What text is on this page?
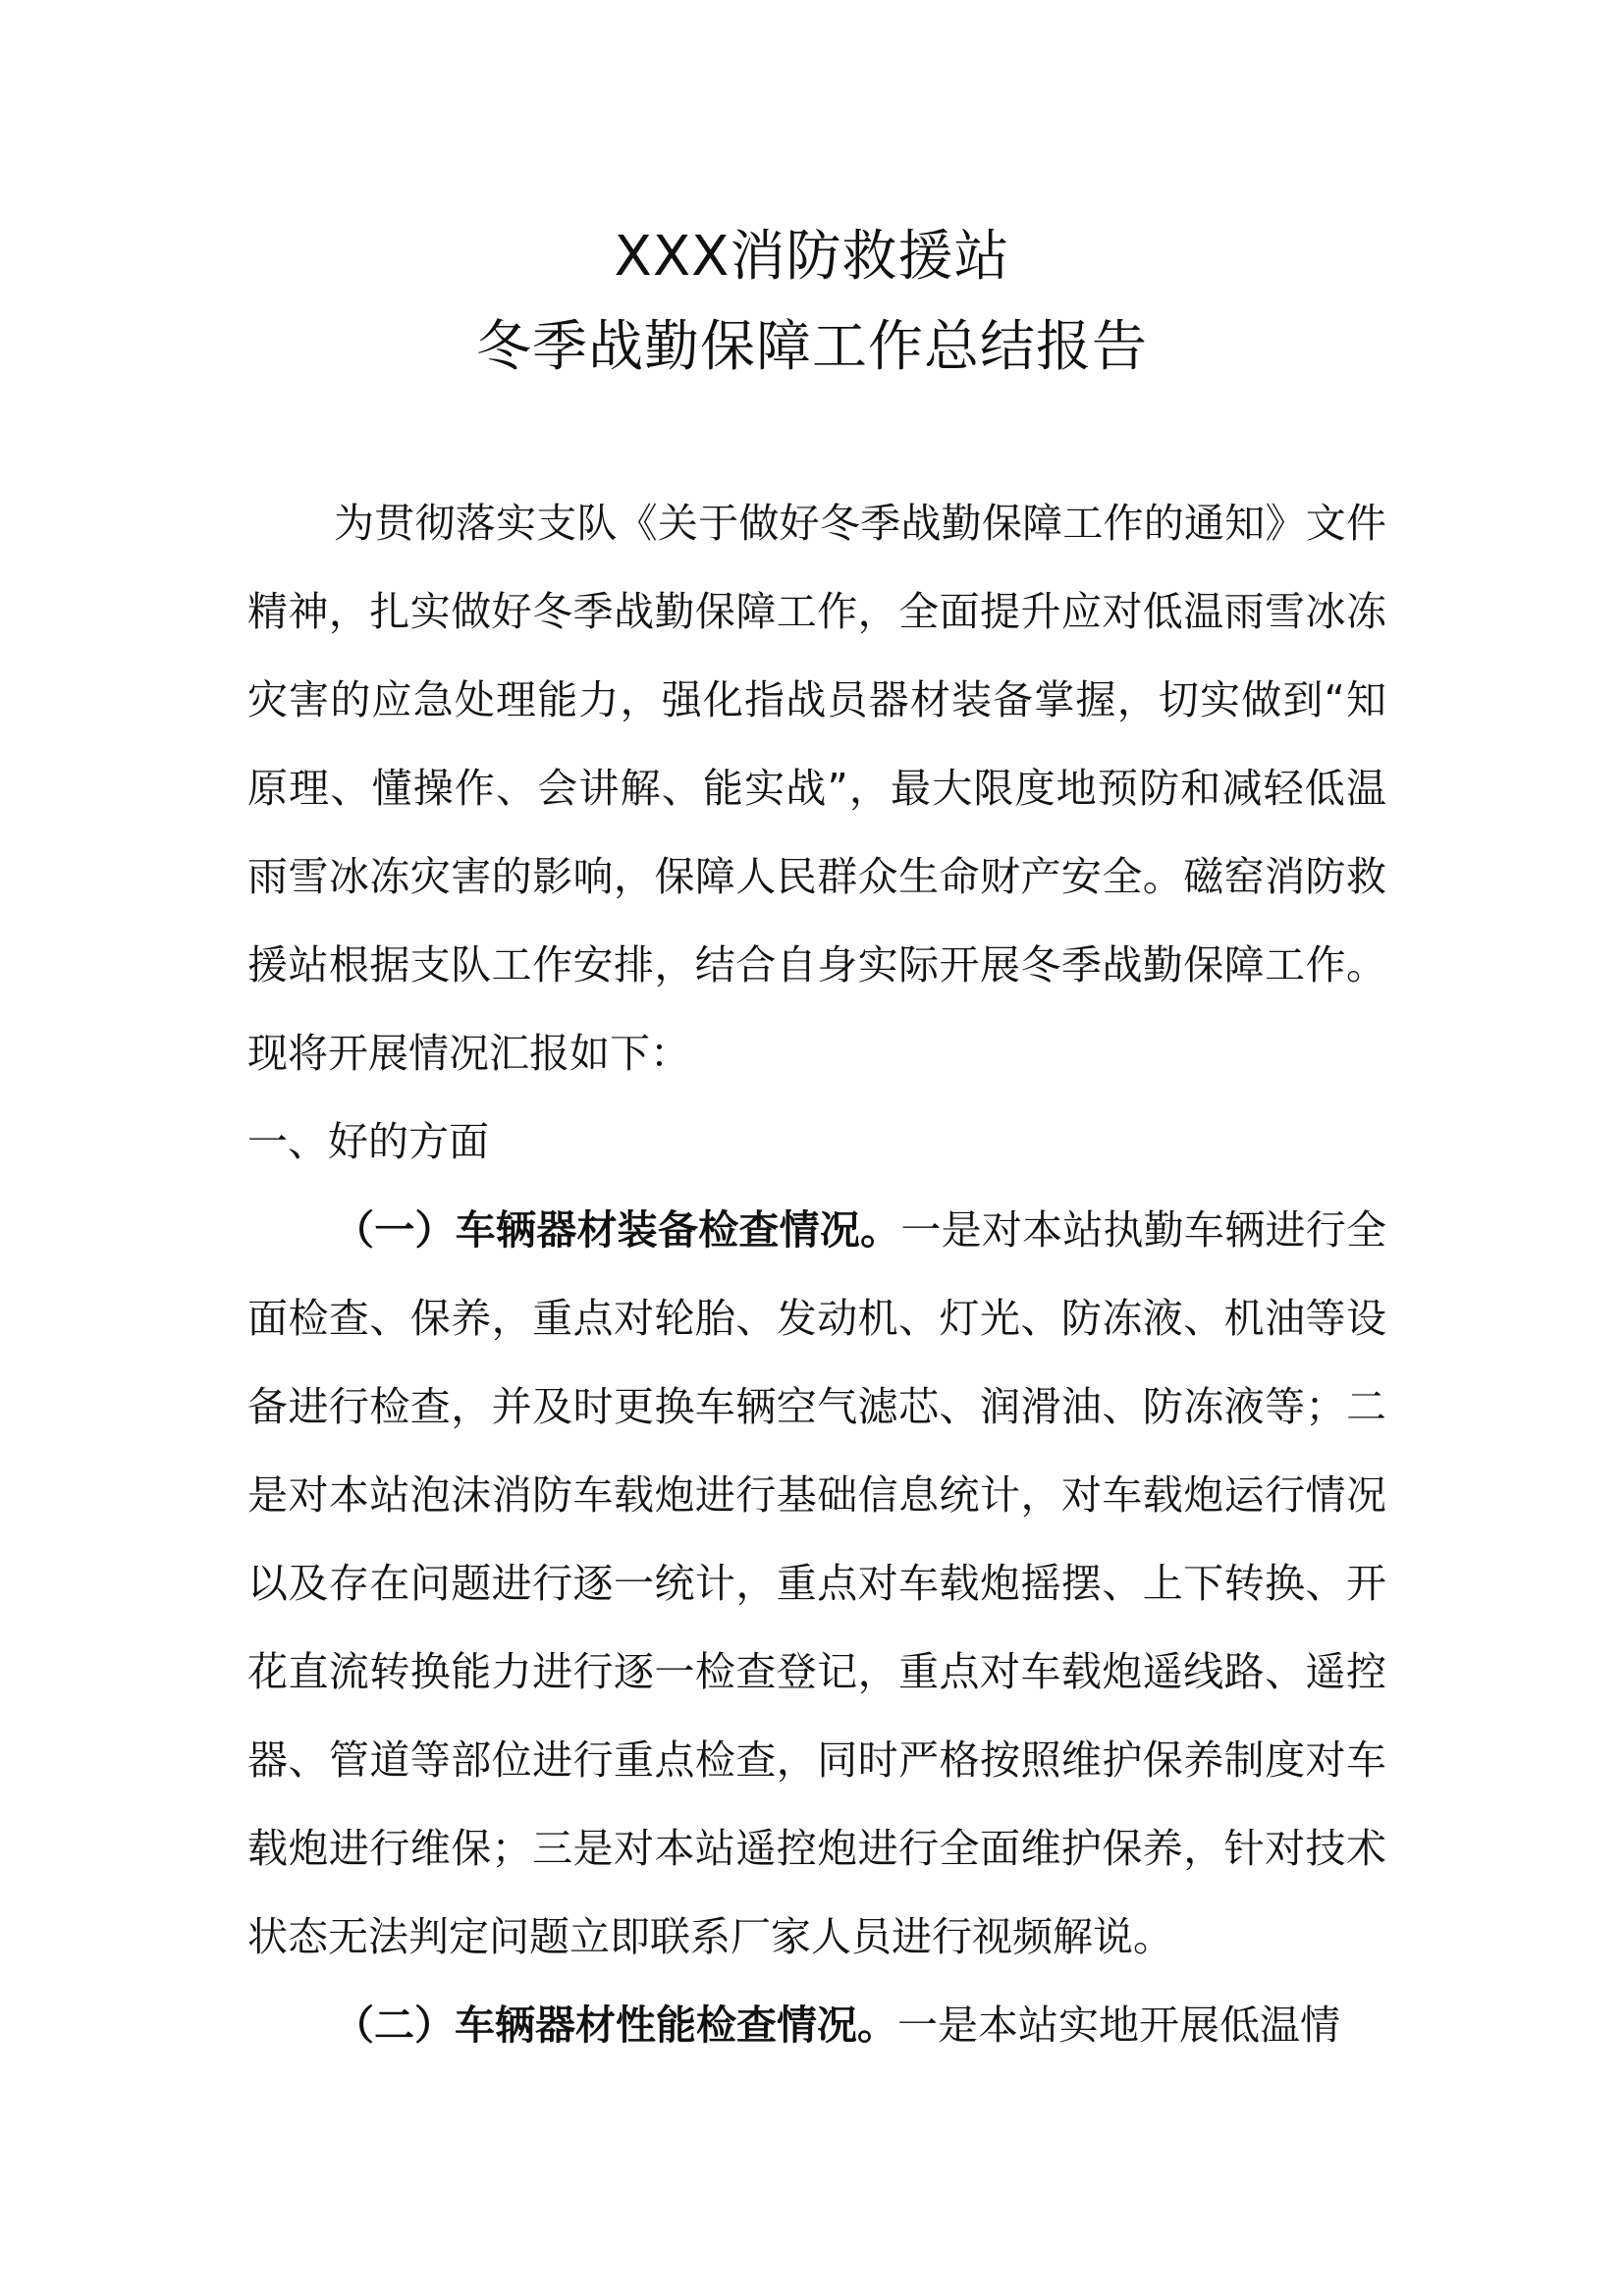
XXX消防救援站
冬季战勤保障工作总结报告

为贯彻落实支队《关于做好冬季战勤保障工作的通知》文件精神，扎实做好冬季战勤保障工作，全面提升应对低温雨雪冰冻灾害的应急处理能力，强化指战员器材装备掌握，切实做到“知原理、懂操作、会讲解、能实战”，最大限度地预防和减轻低温雨雪冰冻灾害的影响，保障人民群众生命财产安全。磁窑消防救援站根据支队工作安排，结合自身实际开展冬季战勤保障工作。现将开展情况汇报如下：

一、好的方面

（一）车辆器材装备检查情况。一是对本站执勤车辆进行全面检查、保养，重点对轮胎、发动机、灯光、防冻液、机油等设备进行检查，并及时更换车辆空气滤芯、润滑油、防冻液等；二是对本站泡沫消防车载炮进行基础信息统计，对车载炮运行情况以及存在问题进行逐一统计，重点对车载炮摇摆、上下转换、开花直流转换能力进行逐一检查登记，重点对车载炮遥线路、遥控器、管道等部位进行重点检查，同时严格按照维护保养制度对车载炮进行维保；三是对本站遥控炮进行全面维护保养，针对技术状态无法判定问题立即联系厂家人员进行视频解说。

（二）车辆器材性能检查情况。一是本站实地开展低温情
